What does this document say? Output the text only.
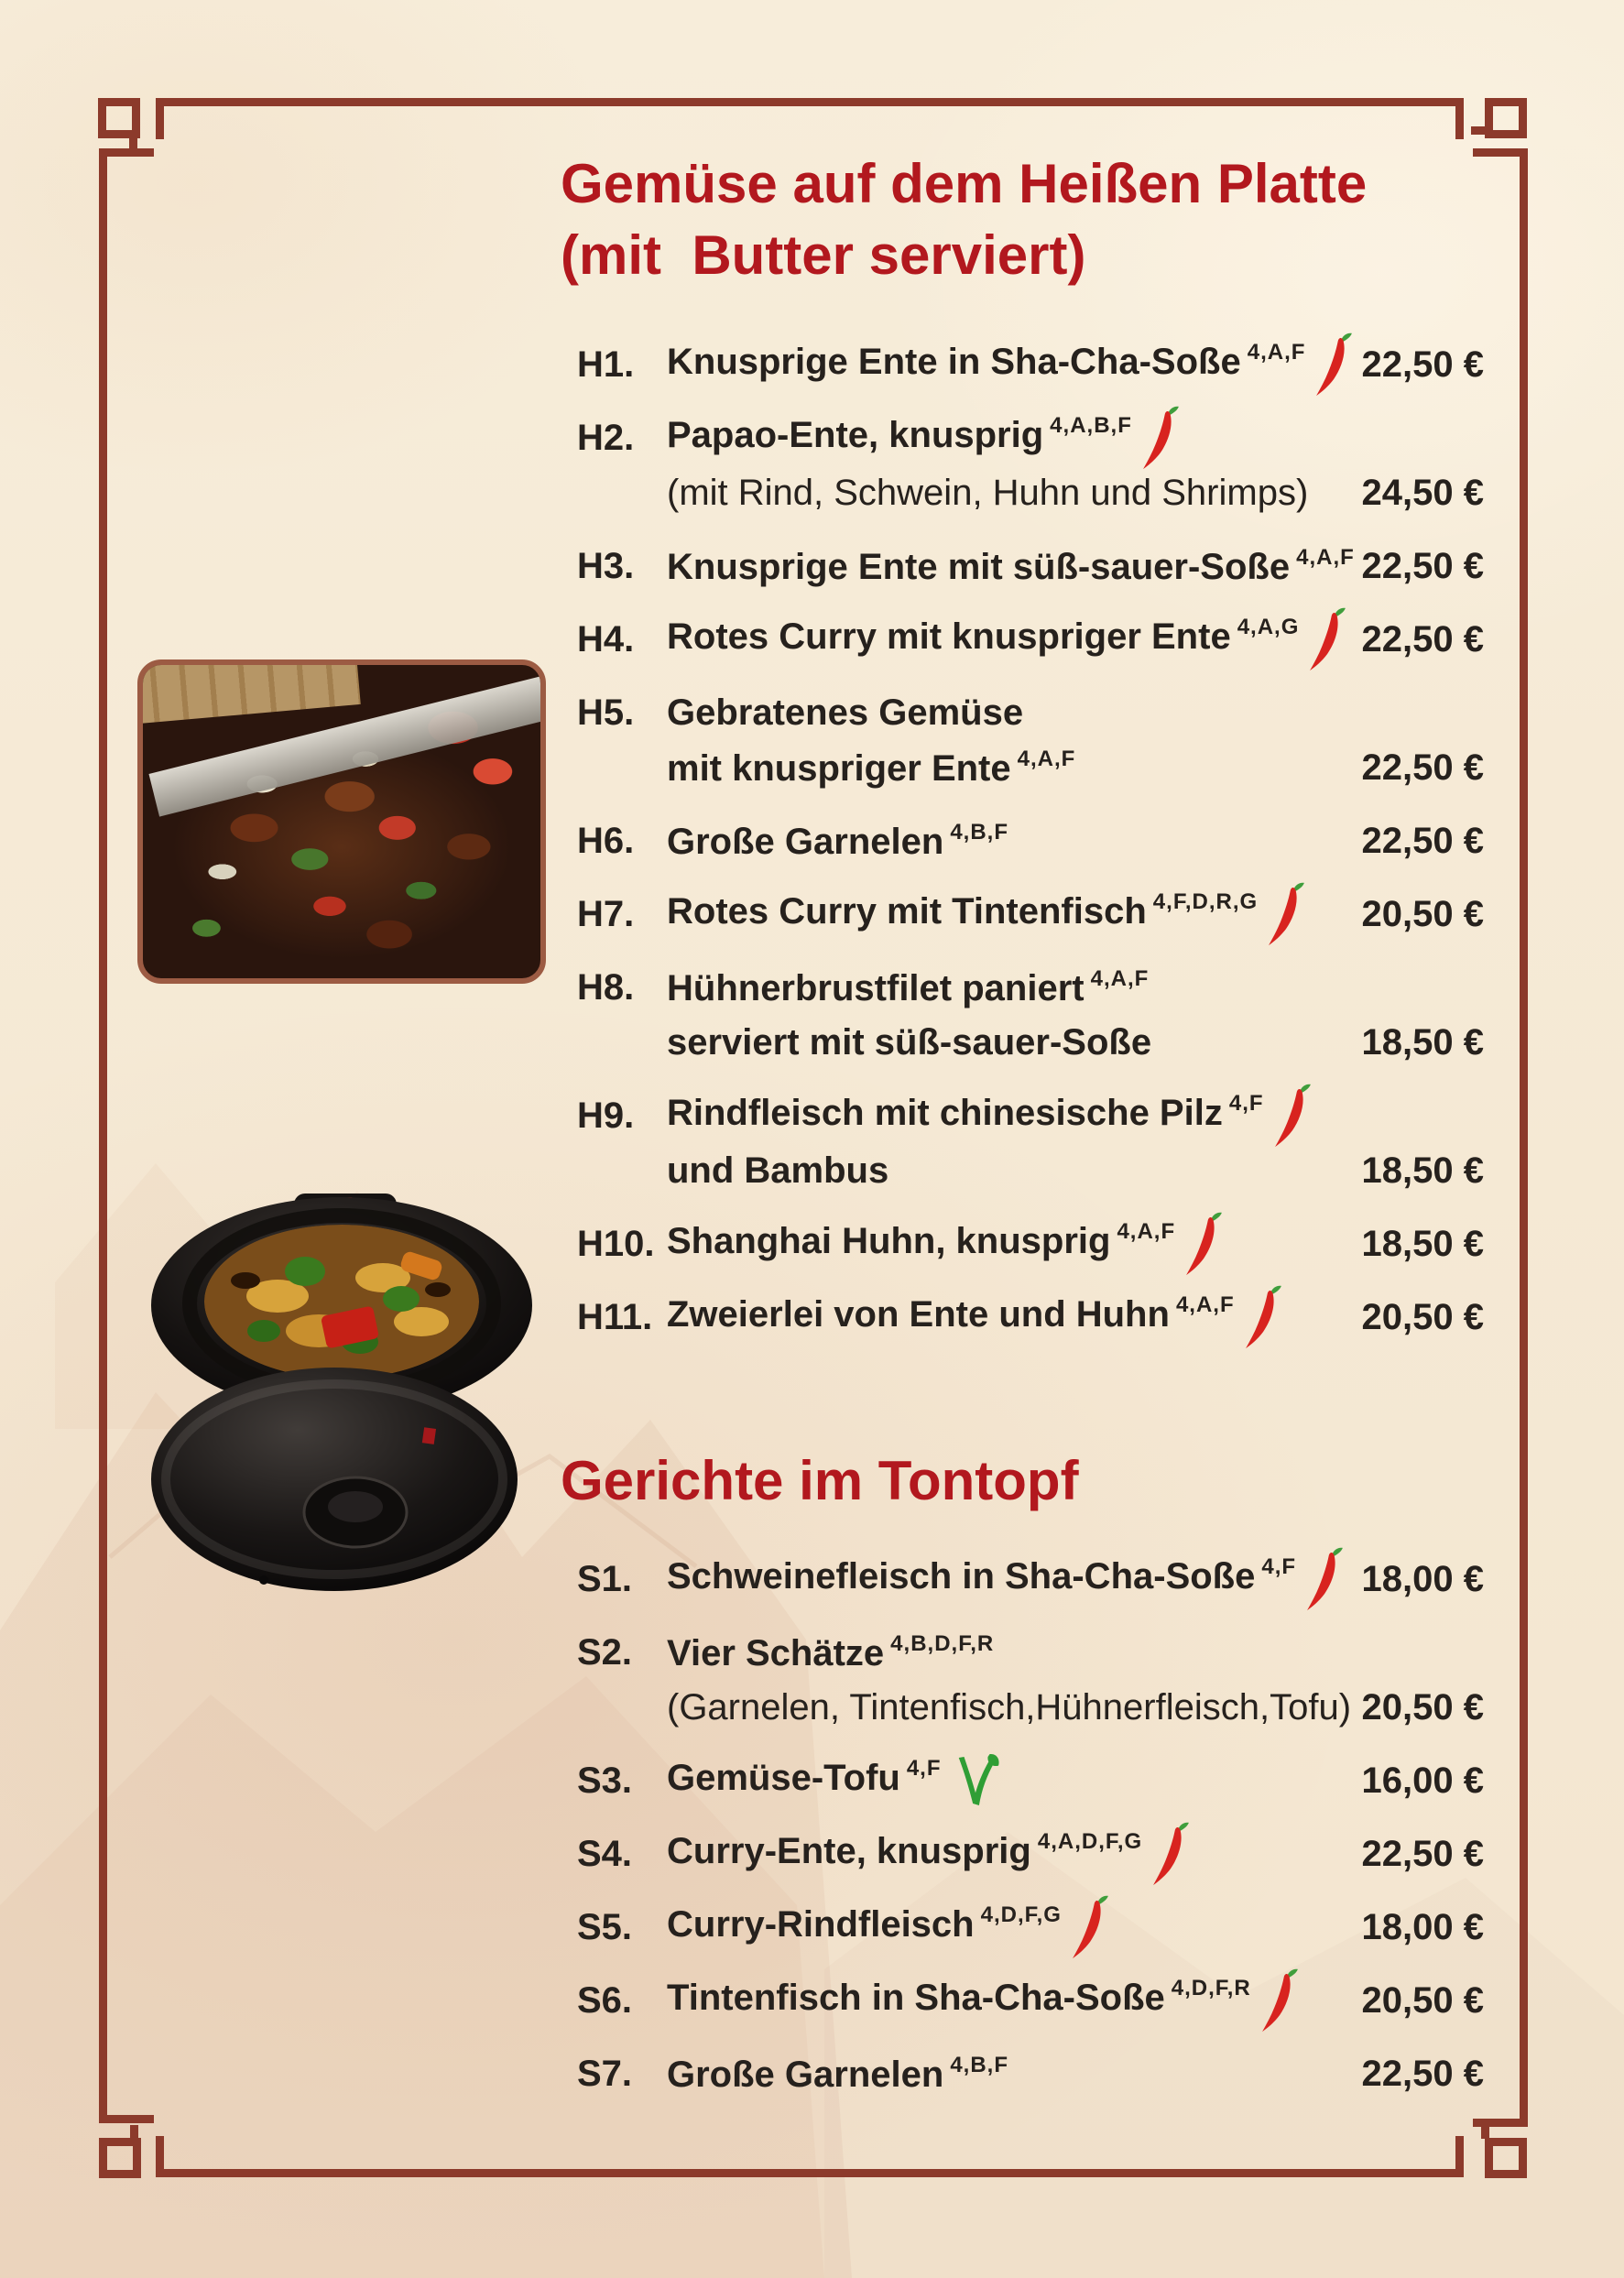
Gemüse auf dem Heißen Platte
(mit  Butter serviert)
H1. Knusprige Ente in Sha-Cha-Soße $^{4,A,F}$	22,50 €
H2. Papao-Ente, knusprig $^{4,A,B,F}$
(mit Rind, Schwein, Huhn und Shrimps)	24,50 €
H3. Knusprige Ente mit süß-sauer-Soße $^{4,A,F}$ 22,50 €
H4. Rotes Curry mit knuspriger Ente $^{4,A,G}$	22,50 €
H5. Gebratenes Gemüse
mit knuspriger Ente $^{4,A,F}$	22,50 €
H6. Große Garnelen $^{4,B,F}$	22,50 €
H7. Rotes Curry mit Tintenfisch $^{4,F,D,R,G}$	20,50 €
H8. Hühnerbrustfilet paniert $^{4,A,F}$
serviert mit süß-sauer-Soße	18,50 €
H9. Rindfleisch mit chinesische Pilz $^{4,F}$
und Bambus	18,50 €
H10. Shanghai Huhn, knusprig $^{4,A,F}$	18,50 €
H11. Zweierlei von Ente und Huhn $^{4,A,F}$	20,50 €
Gerichte im Tontopf
S1. Schweinefleisch in Sha-Cha-Soße $^{4,F}$	18,00 €
S2. Vier Schätze $^{4,B,D,F,R}$
(Garnelen, Tintenfisch,Hühnerfleisch,Tofu) 20,50 €
S3. Gemüse-Tofu $^{4,F}$	16,00 €
S4. Curry-Ente, knusprig $^{4,A,D,F,G}$	22,50 €
S5. Curry-Rindfleisch $^{4,D,F,G}$	18,00 €
S6. Tintenfisch in Sha-Cha-Soße $^{4,D,F,R}$	20,50 €
S7. Große Garnelen $^{4,B,F}$	22,50 €
